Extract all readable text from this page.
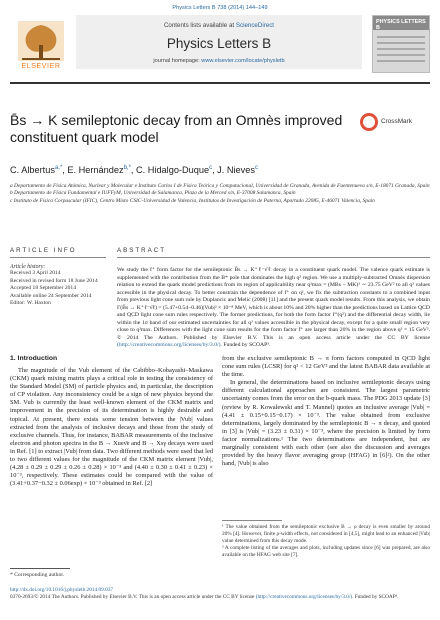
Physics Letters B 738 (2014) 144–149
ELSEVIER
Contents lists available at ScienceDirect
Physics Letters B
journal homepage: www.elsevier.com/locate/physletb
PHYSICS LETTERS B
B̄s → K semileptonic decay from an Omnès improved constituent quark model
CrossMark
C. Albertus$^{a,*}$, E. Hernández$^{b,*}$, C. Hidalgo-Duque$^c$, J. Nieves$^c$
a Departamento de Física Atómica, Nuclear y Molecular e Instituto Carlos I de Física Teórica y Computacional, Universidad de Granada, Avenida de Fuentenueva s/n, E-18071 Granada, Spain
b Departamento de Física Fundamental e IUFFyM, Universidad de Salamanca, Plaza de la Merced s/n, E-37008 Salamanca, Spain
c Instituto de Física Corpuscular (IFIC), Centro Mixto CSIC-Universidad de Valencia, Institutos de Investigación de Paterna, Apartado 22085, E-46071 Valencia, Spain
ARTICLE INFO
Article history:
Received 3 April 2014
Received in revised form 18 June 2014
Accepted 18 September 2014
Available online 24 September 2014
Editor: W. Haxton
ABSTRACT
We study the f⁺ form factor for the semileptonic B̄s → K⁺ℓ⁻ν̄ℓ decay in a constituent quark model. The valence quark estimate is supplemented with the contribution from the B* pole that dominates the high q² region. We use a multiply-subtracted Omnès dispersion relation to extend the quark model predictions from its region of applicability near q²max = (MBs − MK)² ∼ 23.75 GeV² to all q² values accessible in the physical decay. To better constrain the dependence of f⁺ on q², we fix the subtraction constants to a combined input from previous light cone sum rule by Duplancic and Melic (2008) [11] and the present quark model results. From this analysis, we obtain Γ(B̄s → K⁺ℓ⁻ν̄ℓ) = (5.47+0.54−0.46)|Vub|² × 10⁻⁸ MeV, which is about 10% and 20% higher than the predictions based on Lattice QCD and QCD light cone sum rules respectively. The former predictions, for both the form factor f⁺(q²) and the differential decay width, lie within the 1σ band of our estimated uncertainties for all q² values accessible in the physical decay, except for a quite small region very close to q²max. Differences with the light cone sum results for the form factor f⁺ are larger than 20% in the region above q² = 15 GeV². © 2014 The Authors. Published by Elsevier B.V. This is an open access article under the CC BY license (http://creativecommons.org/licenses/by/3.0/). Funded by SCOAP³.
1. Introduction
The magnitude of the Vub element of the Cabibbo–Kobayashi–Maskawa (CKM) quark mixing matrix plays a critical role in testing the consistency of the Standard Model (SM) of particle physics and, in particular, the description of CP violation. Any inconsistency could be a sign of new physics beyond the SM. Vub is currently the least well-known element of the CKM matrix and improvement in the precision of its determination is highly desirable and topical. At present, there exists some tension between the |Vub| values extracted from the analysis of inclusive decays and those from the study of exclusive channels. Thus, for instance, BABAR measurements of the inclusive electron and photon spectra in the B → Xueν̄e and B → Xsγ decays were used in Ref. [1] to extract |Vub| from data. Two different methods were used that led to two different values for the magnitude of the CKM matrix element |Vub|, (4.28 ± 0.29 ± 0.29 ± 0.26 ± 0.28) × 10⁻³ and (4.40 ± 0.30 ± 0.41 ± 0.23) × 10⁻³, respectively. These estimates could be compared with the value of (3.41+0.37−0.32 ± 0.06exp) × 10⁻³ obtained in Ref. [2]
from the exclusive semileptonic B → π form factors computed in QCD light cone sum rules (LCSR) for q² < 12 GeV² and the latest BABAR data available at the time.
In general, the determinations based on inclusive semileptonic decays using different calculational approaches are consistent. The largest parametric uncertainty comes from the error on the b-quark mass. The PDG 2013 update [3] (review by R. Kowalewski and T. Mannel) quotes an inclusive average |Vub| = (4.41 ± 0.15+0.15−0.17) × 10⁻³. The value obtained from exclusive determinations, largely dominated by the semileptonic B → π decay, and quoted in [3] is |Vub| = (3.23 ± 0.31) × 10⁻³, where the precision is limited by form factor normalizations.¹ The two determinations are independent, but are marginally consistent with each other (see also the discussion and averages provided by the heavy flavor averaging group (HFAG) in [6]²). On the other hand, |Vub| is also
¹ The value obtained from the semileptonic exclusive B → ρ decay is even smaller by around 20% [4]. However, finite ρ-width effects, not considered in [4,5], might lead to an enhanced |Vub| value determined from this decay mode.
² A complete listing of the averages and plots, including updates since [6] was prepared, are also available on the HFAG web site [7].
* Corresponding author.
http://dx.doi.org/10.1016/j.physletb.2014.09.037
0370-2693/© 2014 The Authors. Published by Elsevier B.V. This is an open access article under the CC BY license (http://creativecommons.org/licenses/by/3.0/). Funded by SCOAP³.
